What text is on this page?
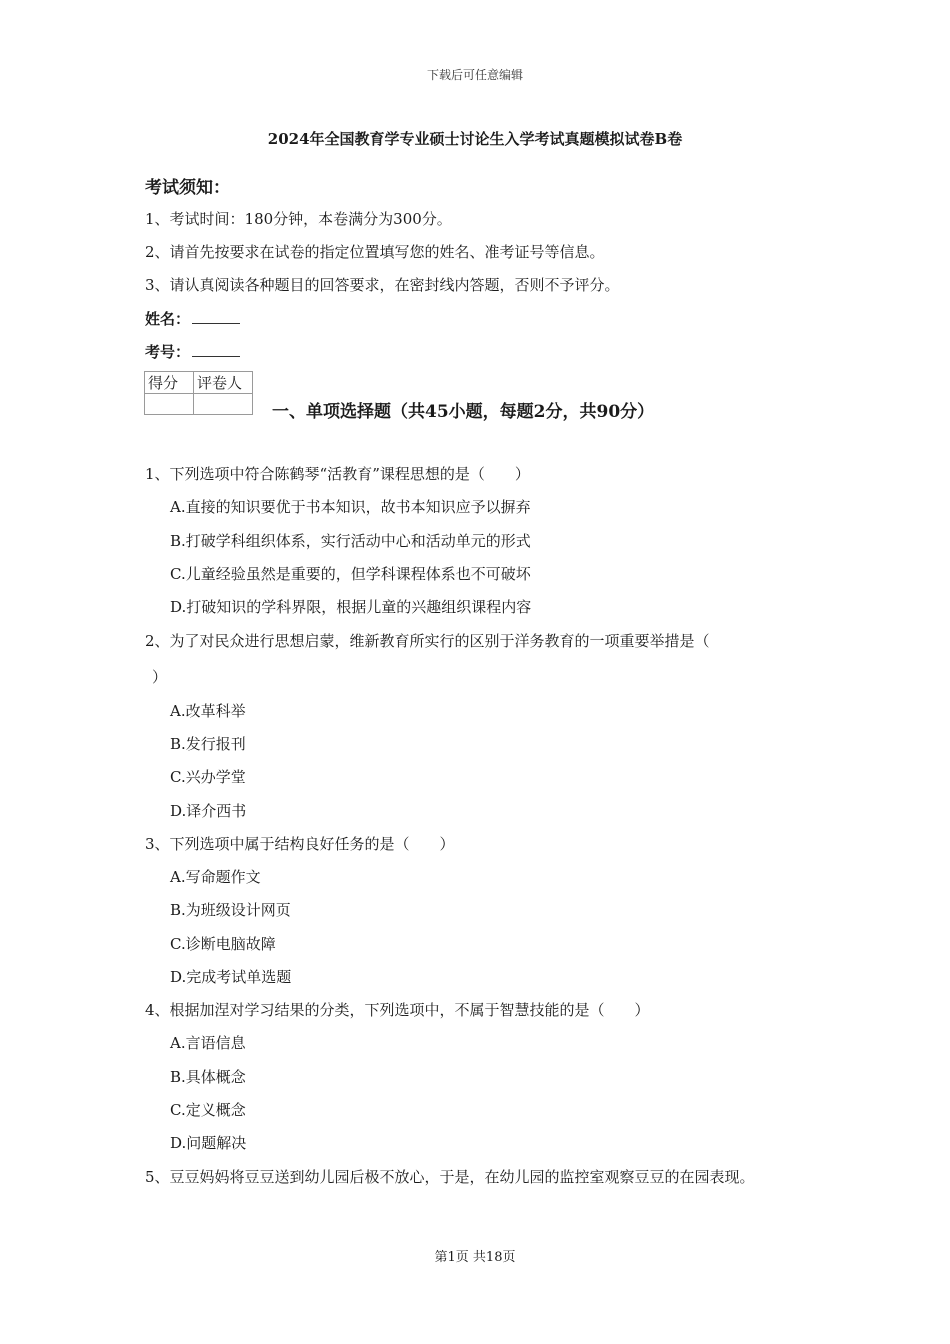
下载后可任意编辑
2024年全国教育学专业硕士讨论生入学考试真题模拟试卷B卷
考试须知：
1、考试时间：180分钟，本卷满分为300分。
2、请首先按要求在试卷的指定位置填写您的姓名、准考证号等信息。
3、请认真阅读各种题目的回答要求，在密封线内答题，否则不予评分。
姓名：
考号：
得分	评卷人

一、单项选择题（共45小题，每题2分，共90分）
1、下列选项中符合陈鹤琴“活教育”课程思想的是（　　）
A.直接的知识要优于书本知识，故书本知识应予以摒弃
B.打破学科组织体系，实行活动中心和活动单元的形式
C.儿童经验虽然是重要的，但学科课程体系也不可破坏
D.打破知识的学科界限，根据儿童的兴趣组织课程内容
2、为了对民众进行思想启蒙，维新教育所实行的区别于洋务教育的一项重要举措是（
）
A.改革科举
B.发行报刊
C.兴办学堂
D.译介西书
3、下列选项中属于结构良好任务的是（　　）
A.写命题作文
B.为班级设计网页
C.诊断电脑故障
D.完成考试单选题
4、根据加涅对学习结果的分类，下列选项中，不属于智慧技能的是（　　）
A.言语信息
B.具体概念
C.定义概念
D.问题解决
5、豆豆妈妈将豆豆送到幼儿园后极不放心，于是，在幼儿园的监控室观察豆豆的在园表现。
第1页 共18页
